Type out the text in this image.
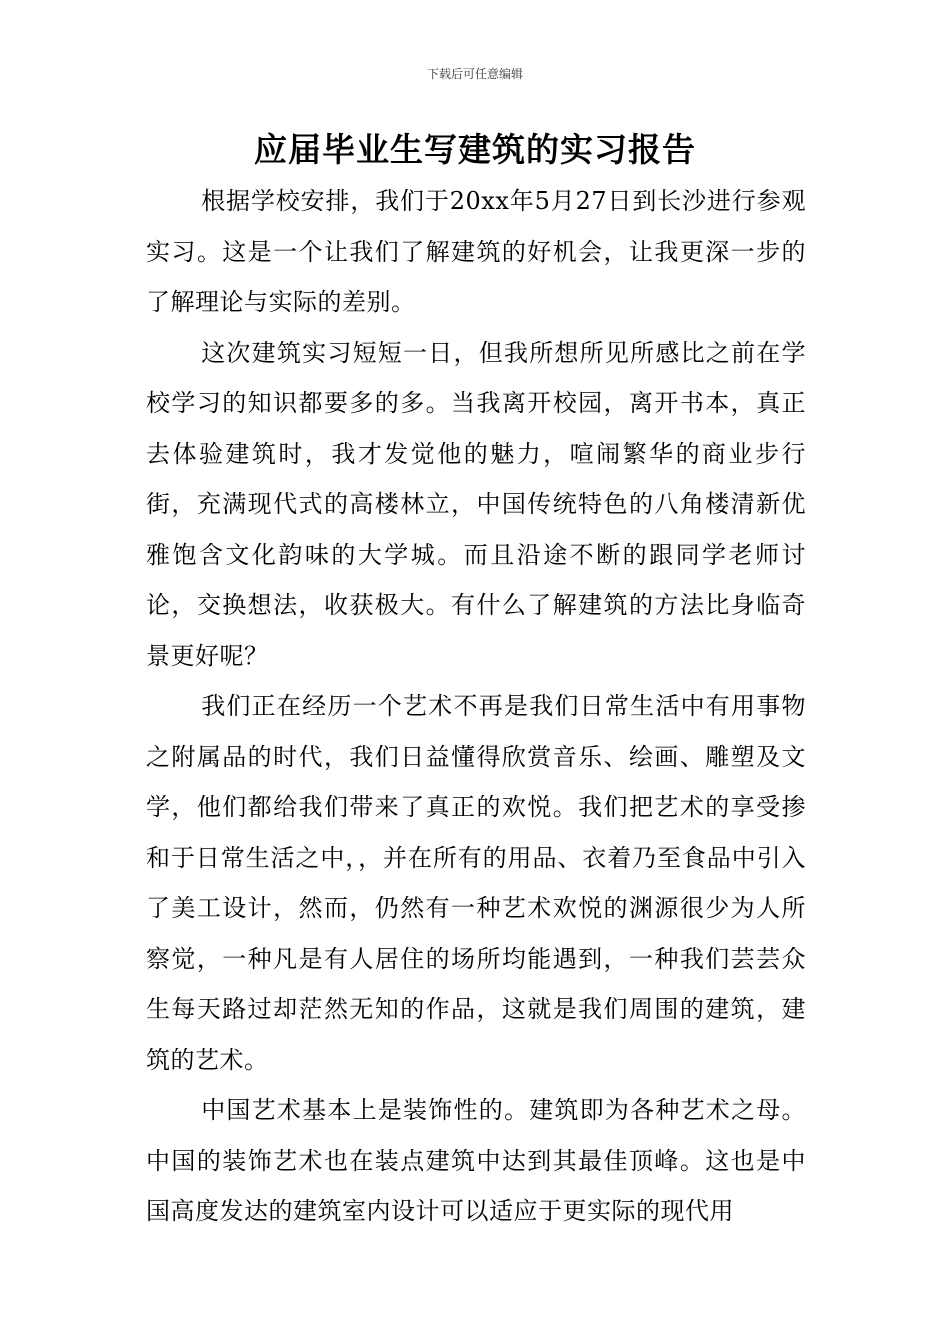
下载后可任意编辑
应届毕业生写建筑的实习报告

根据学校安排，我们于20xx年5月27日到长沙进行参观实习。这是一个让我们了解建筑的好机会，让我更深一步的了解理论与实际的差别。

这次建筑实习短短一日，但我所想所见所感比之前在学校学习的知识都要多的多。当我离开校园，离开书本，真正去体验建筑时，我才发觉他的魅力，喧闹繁华的商业步行街，充满现代式的高楼林立，中国传统特色的八角楼清新优雅饱含文化韵味的大学城。而且沿途不断的跟同学老师讨论，交换想法，收获极大。有什么了解建筑的方法比身临奇景更好呢？

我们正在经历一个艺术不再是我们日常生活中有用事物之附属品的时代，我们日益懂得欣赏音乐、绘画、雕塑及文学，他们都给我们带来了真正的欢悦。我们把艺术的享受掺和于日常生活之中，，并在所有的用品、衣着乃至食品中引入了美工设计，然而，仍然有一种艺术欢悦的渊源很少为人所察觉，一种凡是有人居住的场所均能遇到，一种我们芸芸众生每天路过却茫然无知的作品，这就是我们周围的建筑，建筑的艺术。

中国艺术基本上是装饰性的。建筑即为各种艺术之母。中国的装饰艺术也在装点建筑中达到其最佳顶峰。这也是中国高度发达的建筑室内设计可以适应于更实际的现代用
